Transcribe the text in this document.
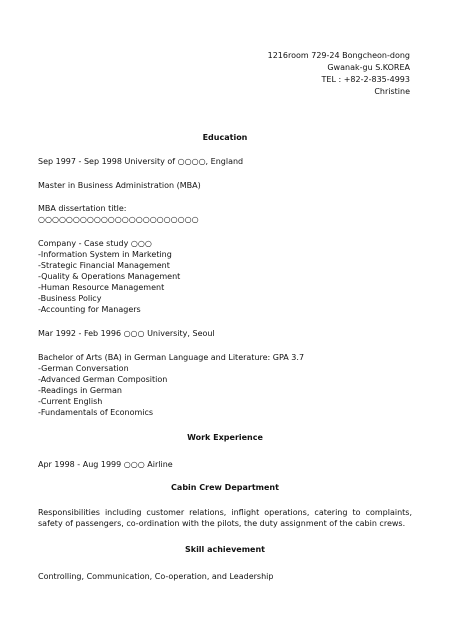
1216room 729-24 Bongcheon-dong
Gwanak-gu S.KOREA
TEL : +82-2-835-4993
Christine
Education
Sep 1997 - Sep 1998 University of ○○○○, England
Master in Business Administration (MBA)
MBA dissertation title:
○○○○○○○○○○○○○○○○○○○○○○○
Company - Case study ○○○
-Information System in Marketing
-Strategic Financial Management
-Quality & Operations Management
-Human Resource Management
-Business Policy
-Accounting for Managers
Mar 1992 - Feb 1996 ○○○ University, Seoul
Bachelor of Arts (BA) in German Language and Literature: GPA 3.7
-German Conversation
-Advanced German Composition
-Readings in German
-Current English
-Fundamentals of Economics
Work Experience
Apr 1998 - Aug 1999 ○○○ Airline
Cabin Crew Department
Responsibilities including customer relations, inflight operations, catering to complaints, safety of passengers, co-ordination with the pilots, the duty assignment of the cabin crews.
Skill achievement
Controlling, Communication, Co-operation, and Leadership
